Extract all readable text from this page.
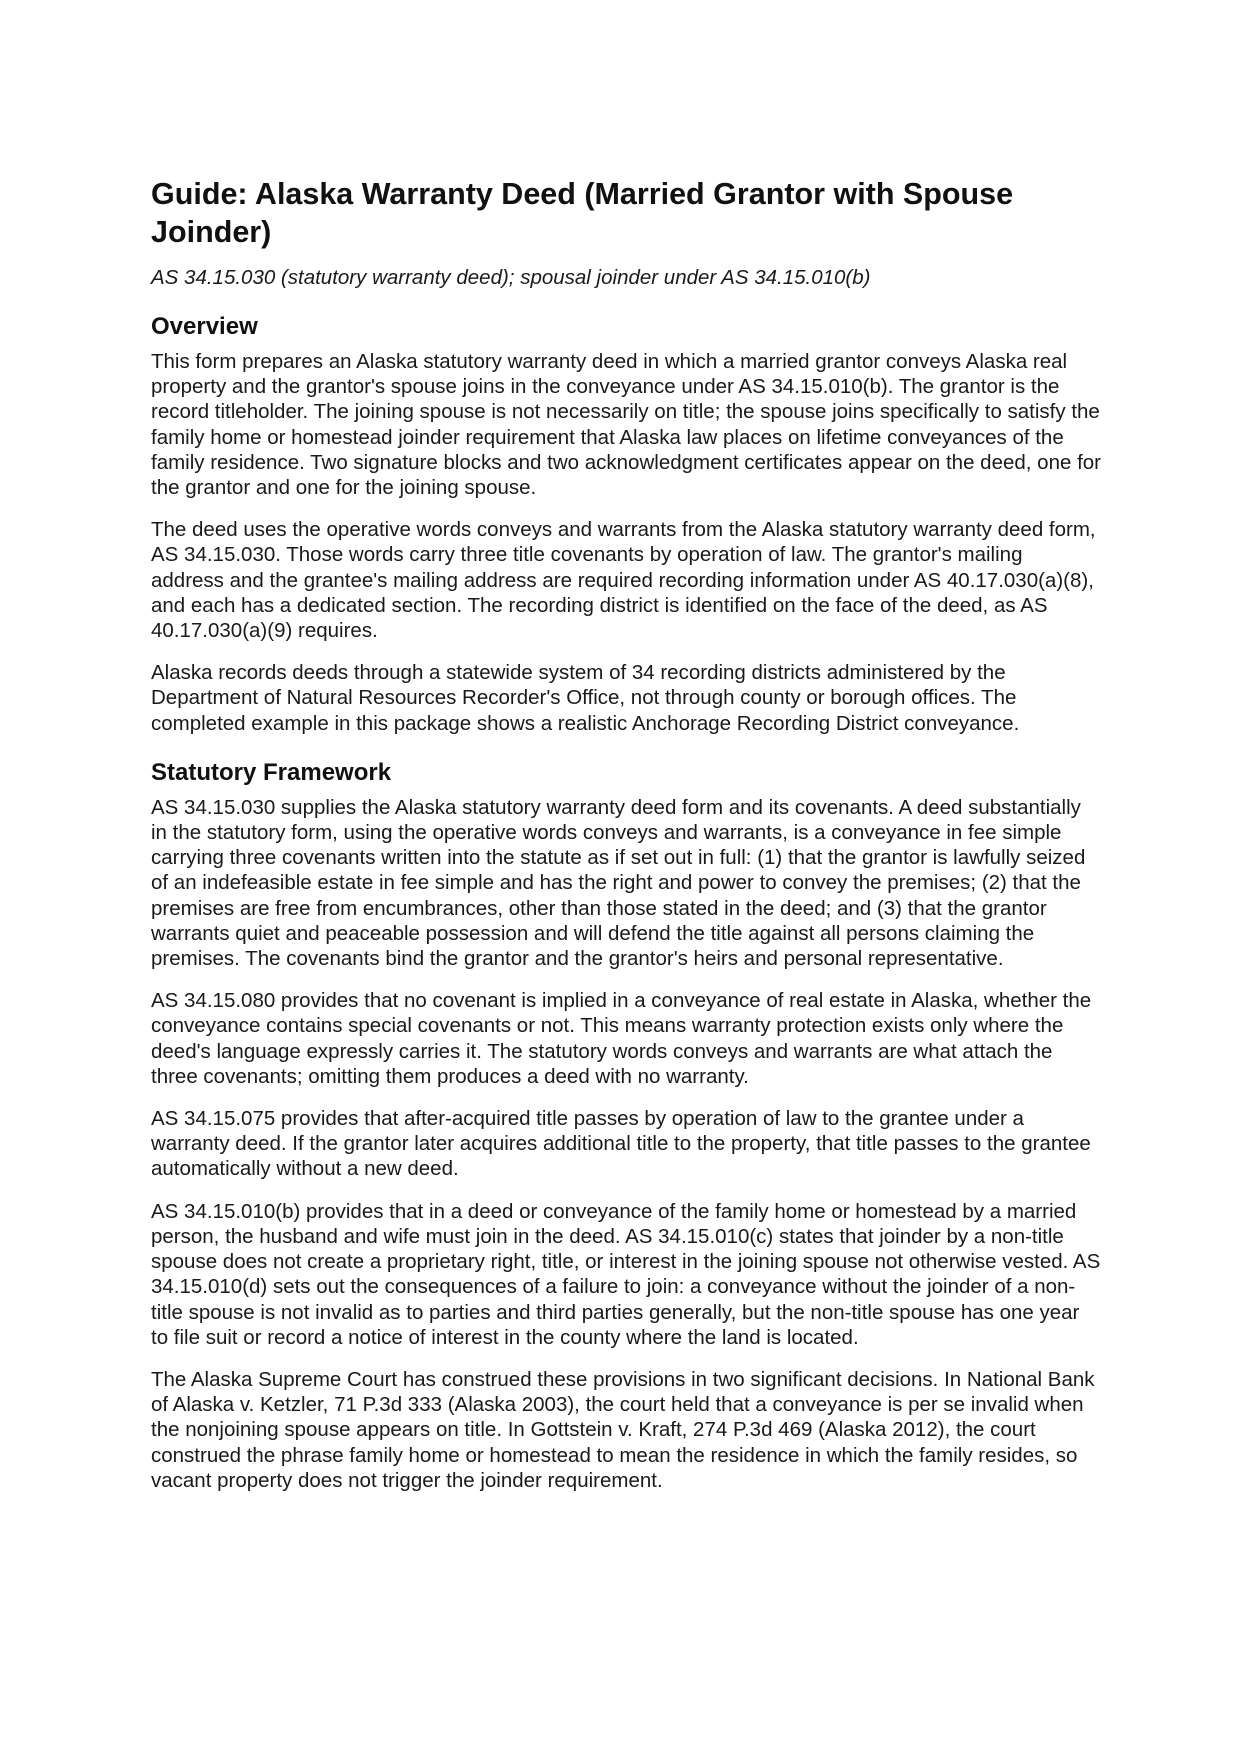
Guide: Alaska Warranty Deed (Married Grantor with Spouse Joinder)

AS 34.15.030 (statutory warranty deed); spousal joinder under AS 34.15.010(b)

Overview

This form prepares an Alaska statutory warranty deed in which a married grantor conveys Alaska real property and the grantor's spouse joins in the conveyance under AS 34.15.010(b). The grantor is the record titleholder. The joining spouse is not necessarily on title; the spouse joins specifically to satisfy the family home or homestead joinder requirement that Alaska law places on lifetime conveyances of the family residence. Two signature blocks and two acknowledgment certificates appear on the deed, one for the grantor and one for the joining spouse.

The deed uses the operative words conveys and warrants from the Alaska statutory warranty deed form, AS 34.15.030. Those words carry three title covenants by operation of law. The grantor's mailing address and the grantee's mailing address are required recording information under AS 40.17.030(a)(8), and each has a dedicated section. The recording district is identified on the face of the deed, as AS 40.17.030(a)(9) requires.

Alaska records deeds through a statewide system of 34 recording districts administered by the Department of Natural Resources Recorder's Office, not through county or borough offices. The completed example in this package shows a realistic Anchorage Recording District conveyance.

Statutory Framework

AS 34.15.030 supplies the Alaska statutory warranty deed form and its covenants. A deed substantially in the statutory form, using the operative words conveys and warrants, is a conveyance in fee simple carrying three covenants written into the statute as if set out in full: (1) that the grantor is lawfully seized of an indefeasible estate in fee simple and has the right and power to convey the premises; (2) that the premises are free from encumbrances, other than those stated in the deed; and (3) that the grantor warrants quiet and peaceable possession and will defend the title against all persons claiming the premises. The covenants bind the grantor and the grantor's heirs and personal representative.

AS 34.15.080 provides that no covenant is implied in a conveyance of real estate in Alaska, whether the conveyance contains special covenants or not. This means warranty protection exists only where the deed's language expressly carries it. The statutory words conveys and warrants are what attach the three covenants; omitting them produces a deed with no warranty.

AS 34.15.075 provides that after-acquired title passes by operation of law to the grantee under a warranty deed. If the grantor later acquires additional title to the property, that title passes to the grantee automatically without a new deed.

AS 34.15.010(b) provides that in a deed or conveyance of the family home or homestead by a married person, the husband and wife must join in the deed. AS 34.15.010(c) states that joinder by a non-title spouse does not create a proprietary right, title, or interest in the joining spouse not otherwise vested. AS 34.15.010(d) sets out the consequences of a failure to join: a conveyance without the joinder of a non-title spouse is not invalid as to parties and third parties generally, but the non-title spouse has one year to file suit or record a notice of interest in the county where the land is located.

The Alaska Supreme Court has construed these provisions in two significant decisions. In National Bank of Alaska v. Ketzler, 71 P.3d 333 (Alaska 2003), the court held that a conveyance is per se invalid when the nonjoining spouse appears on title. In Gottstein v. Kraft, 274 P.3d 469 (Alaska 2012), the court construed the phrase family home or homestead to mean the residence in which the family resides, so vacant property does not trigger the joinder requirement.
